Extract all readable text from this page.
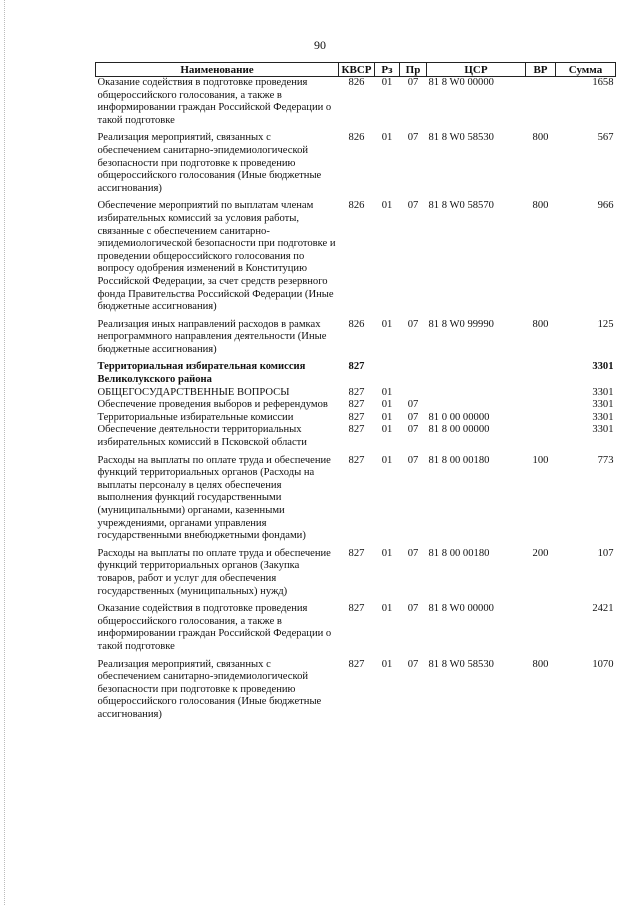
90
Наименование	КВСР	Рз	Пр	ЦСР	ВР	Сумма
Оказание содействия в подготовке проведения общероссийского голосования, а также в информировании граждан Российской Федерации о такой подготовке	826	01	07	81 8 W0 00000		1658
Реализация мероприятий, связанных с обеспечением санитарно-эпидемиологической безопасности при подготовке к проведению общероссийского голосования (Иные бюджетные ассигнования)	826	01	07	81 8 W0 58530	800	567
Обеспечение мероприятий по выплатам членам избирательных комиссий за условия работы, связанные с обеспечением санитарно-эпидемиологической безопасности при подготовке и проведении общероссийского голосования по вопросу одобрения изменений в Конституцию Российской Федерации, за счет средств резервного фонда Правительства Российской Федерации (Иные бюджетные ассигнования)	826	01	07	81 8 W0 58570	800	966
Реализация иных направлений расходов в рамках непрограммного направления деятельности (Иные бюджетные ассигнования)	826	01	07	81 8 W0 99990	800	125
Территориальная избирательная комиссия Великолукского района	827					3301
ОБЩЕГОСУДАРСТВЕННЫЕ ВОПРОСЫ	827	01				3301
Обеспечение проведения выборов и референдумов	827	01	07			3301
Территориальные избирательные комиссии	827	01	07	81 0 00 00000		3301
Обеспечение деятельности территориальных избирательных комиссий в Псковской области	827	01	07	81 8 00 00000		3301
Расходы на выплаты по оплате труда и обеспечение функций территориальных органов (Расходы на выплаты персоналу в целях обеспечения выполнения функций государственными (муниципальными) органами, казенными учреждениями, органами управления государственными внебюджетными фондами)	827	01	07	81 8 00 00180	100	773
Расходы на выплаты по оплате труда и обеспечение функций территориальных органов (Закупка товаров, работ и услуг для обеспечения государственных (муниципальных) нужд)	827	01	07	81 8 00 00180	200	107
Оказание содействия в подготовке проведения общероссийского голосования, а также в информировании граждан Российской Федерации о такой подготовке	827	01	07	81 8 W0 00000		2421
Реализация мероприятий, связанных с обеспечением санитарно-эпидемиологической безопасности при подготовке к проведению общероссийского голосования (Иные бюджетные ассигнования)	827	01	07	81 8 W0 58530	800	1070
